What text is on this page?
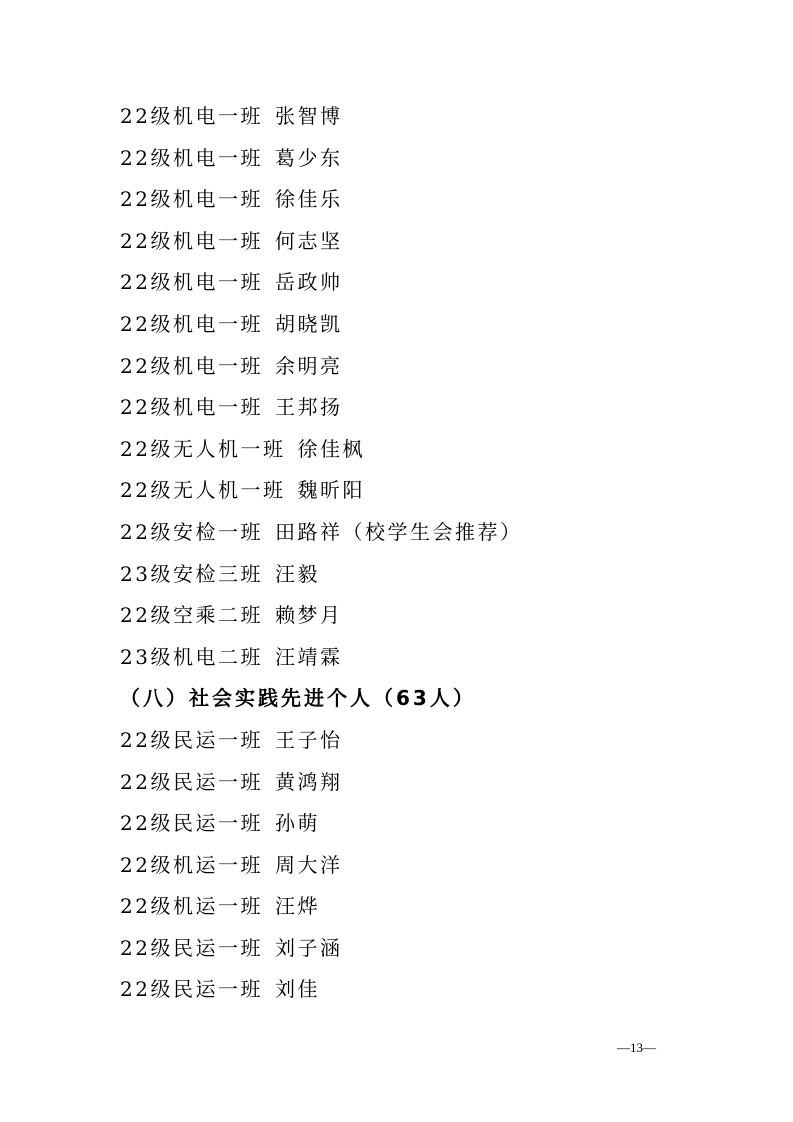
22级机电一班 张智博
22级机电一班 葛少东
22级机电一班 徐佳乐
22级机电一班 何志坚
22级机电一班 岳政帅
22级机电一班 胡晓凯
22级机电一班 余明亮
22级机电一班 王邦扬
22级无人机一班 徐佳枫
22级无人机一班 魏昕阳
22级安检一班 田路祥（校学生会推荐）
23级安检三班 汪毅
22级空乘二班 赖梦月
23级机电二班 汪靖霖
（八）社会实践先进个人（63人）
22级民运一班 王子怡
22级民运一班 黄鸿翔
22级民运一班 孙萌
22级机运一班 周大洋
22级机运一班 汪烨
22级民运一班 刘子涵
22级民运一班 刘佳
—13—
